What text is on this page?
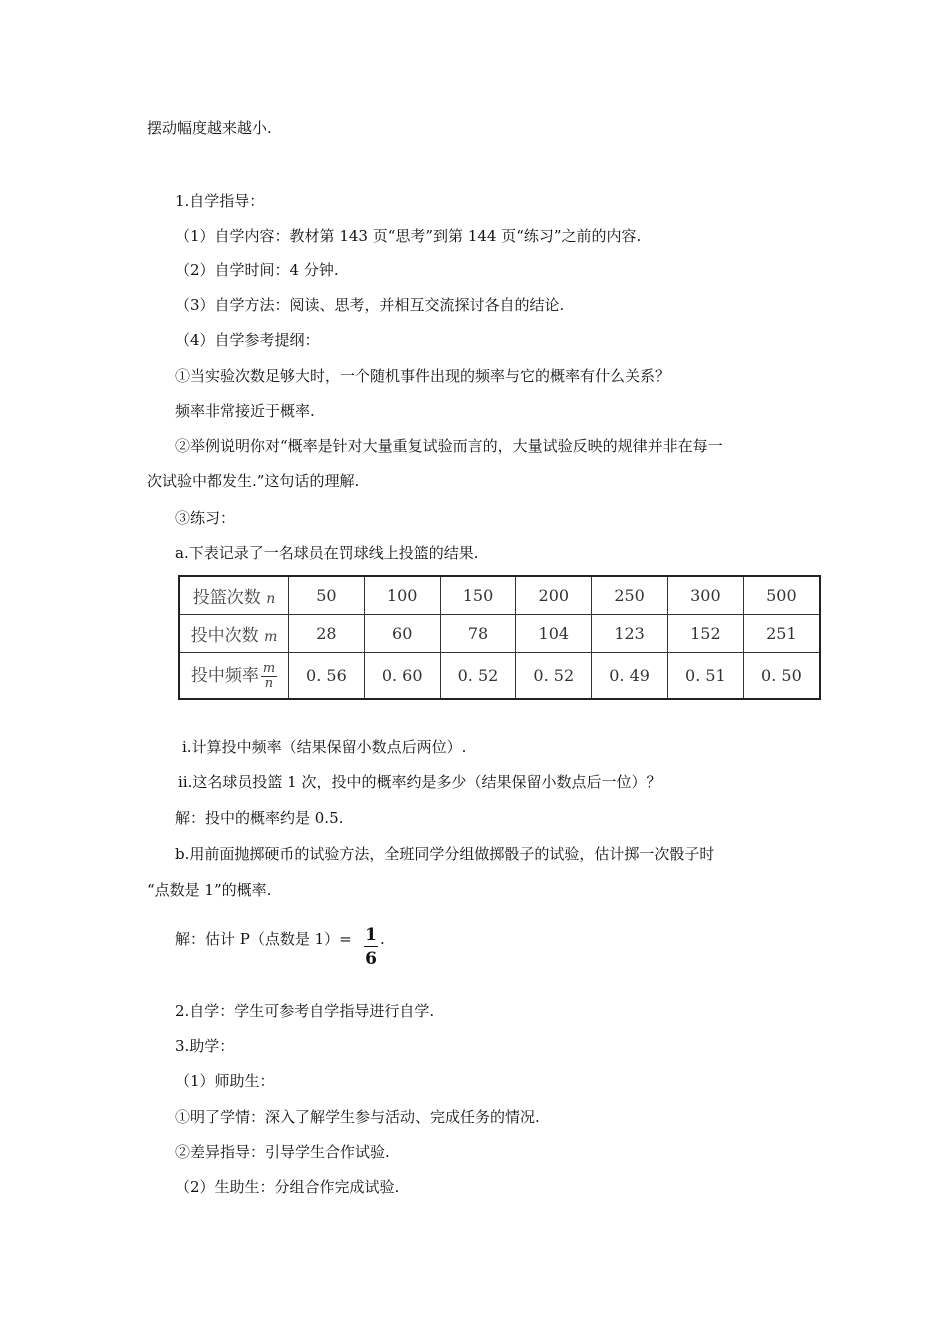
摆动幅度越来越小.
1.自学指导：
（1）自学内容：教材第 143 页“思考”到第 144 页“练习”之前的内容.
（2）自学时间：4 分钟.
（3）自学方法：阅读、思考，并相互交流探讨各自的结论.
（4）自学参考提纲：
①当实验次数足够大时，一个随机事件出现的频率与它的概率有什么关系？
频率非常接近于概率.
②举例说明你对“概率是针对大量重复试验而言的，大量试验反映的规律并非在每一
次试验中都发生.”这句话的理解.
③练习：
a.下表记录了一名球员在罚球线上投篮的结果.
投篮次数 n	50	100	150	200	250	300	500
投中次数 m	28	60	78	104	123	152	251
投中频率 $\frac{m}{n}$	0. 56	0. 60	0. 52	0. 52	0. 49	0. 51	0. 50
ⅰ.计算投中频率（结果保留小数点后两位）.
ⅱ.这名球员投篮 1 次，投中的概率约是多少（结果保留小数点后一位）？
解：投中的概率约是 0.5.
b.用前面抛掷硬币的试验方法，全班同学分组做掷骰子的试验，估计掷一次骰子时
“点数是 1”的概率.
解：估计 P（点数是 $1)= \frac{1}{6}$ .
2.自学：学生可参考自学指导进行自学.
3.助学：
（1）师助生：
①明了学情：深入了解学生参与活动、完成任务的情况.
②差异指导：引导学生合作试验.
（2）生助生：分组合作完成试验.
